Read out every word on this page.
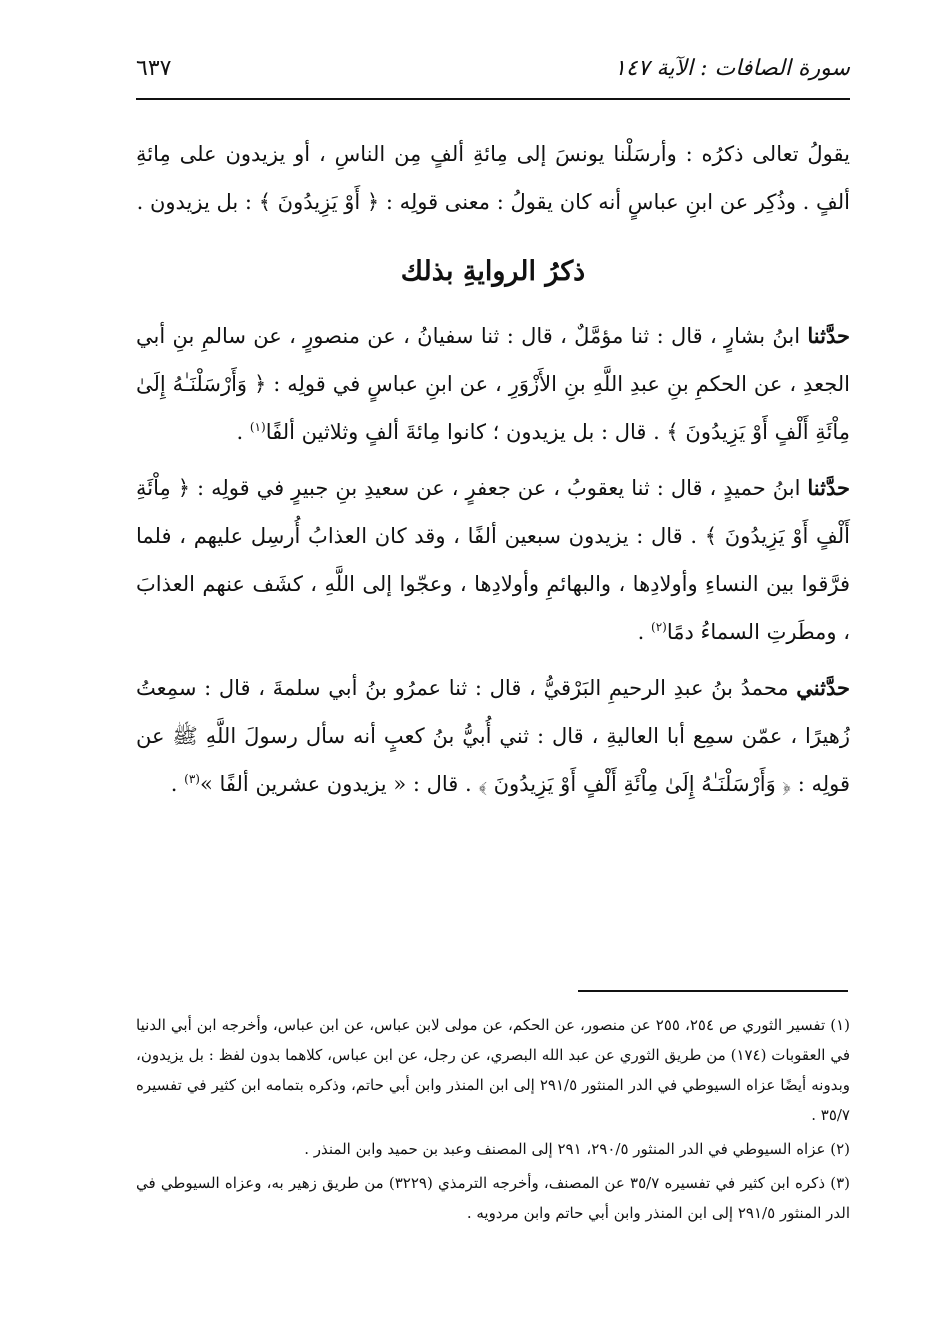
سورة الصافات : الآية ١٤٧
٦٣٧

يقولُ تعالى ذكرُه : وأرسَلْنا يونسَ إلى مِائةِ ألفٍ مِن الناسِ ، أو يزيدون على مِائةِ ألفٍ . وذُكِر عن ابنِ عباسٍ أنه كان يقولُ : معنى قولِه : ﴿ أَوْ يَزِيدُونَ ﴾ : بل يزيدون .

ذكرُ الروايةِ بذلك

حدَّثنا ابنُ بشارٍ ، قال : ثنا مؤمَّلٌ ، قال : ثنا سفيانُ ، عن منصورٍ ، عن سالمِ بنِ أبي الجعدِ ، عن الحكمِ بنِ عبدِ اللَّهِ بنِ الأَزْوَرِ ، عن ابنِ عباسٍ في قولِه : ﴿ وَأَرْسَلْنَـٰهُ إِلَىٰ مِاْئَةِ أَلْفٍ أَوْ يَزِيدُونَ ﴾ . قال : بل يزيدون ؛ كانوا مِائةَ ألفٍ وثلاثين ألفًا$^{(١)}$ .

حدَّثنا ابنُ حميدٍ ، قال : ثنا يعقوبُ ، عن جعفرٍ ، عن سعيدِ بنِ جبيرٍ في قولِه : ﴿ مِاْئَةِ أَلْفٍ أَوْ يَزِيدُونَ ﴾ . قال : يزيدون سبعين ألفًا ، وقد كان العذابُ أُرسِل عليهم ، فلما فرَّقوا بين النساءِ وأولادِها ، والبهائمِ وأولادِها ، وعجّوا إلى اللَّهِ ، كشَف عنهم العذابَ ، ومطَرتِ السماءُ دمًا$^{(٢)}$ .

حدَّثني محمدُ بنُ عبدِ الرحيمِ البَرْقيُّ ، قال : ثنا عمرُو بنُ أبي سلمةَ ، قال : سمِعتُ زُهيرًا ، عمّن سمِع أبا العاليةِ ، قال : ثني أُبيُّ بنُ كعبٍ أنه سأل رسولَ اللَّهِ ﷺ عن قولِه : ﴿ وَأَرْسَلْنَـٰهُ إِلَىٰ مِاْئَةِ أَلْفٍ أَوْ يَزِيدُونَ ﴾ . قال : « يزيدون عشرين ألفًا »$^{(٣)}$ .

(١) تفسير الثوري ص ٢٥٤، ٢٥٥ عن منصور، عن الحكم، عن مولى لابن عباس، عن ابن عباس، وأخرجه ابن أبي الدنيا في العقوبات (١٧٤) من طريق الثوري عن عبد الله البصري، عن رجل، عن ابن عباس، كلاهما بدون لفظ : بل يزيدون، وبدونه أيضًا عزاه السيوطي في الدر المنثور ٢٩١/٥ إلى ابن المنذر وابن أبي حاتم، وذكره بتمامه ابن كثير في تفسيره ٣٥/٧ .

(٢) عزاه السيوطي في الدر المنثور ٢٩٠/٥، ٢٩١ إلى المصنف وعبد بن حميد وابن المنذر .

(٣) ذكره ابن كثير في تفسيره ٣٥/٧ عن المصنف، وأخرجه الترمذي (٣٢٢٩) من طريق زهير به، وعزاه السيوطي في الدر المنثور ٢٩١/٥ إلى ابن المنذر وابن أبي حاتم وابن مردويه .
